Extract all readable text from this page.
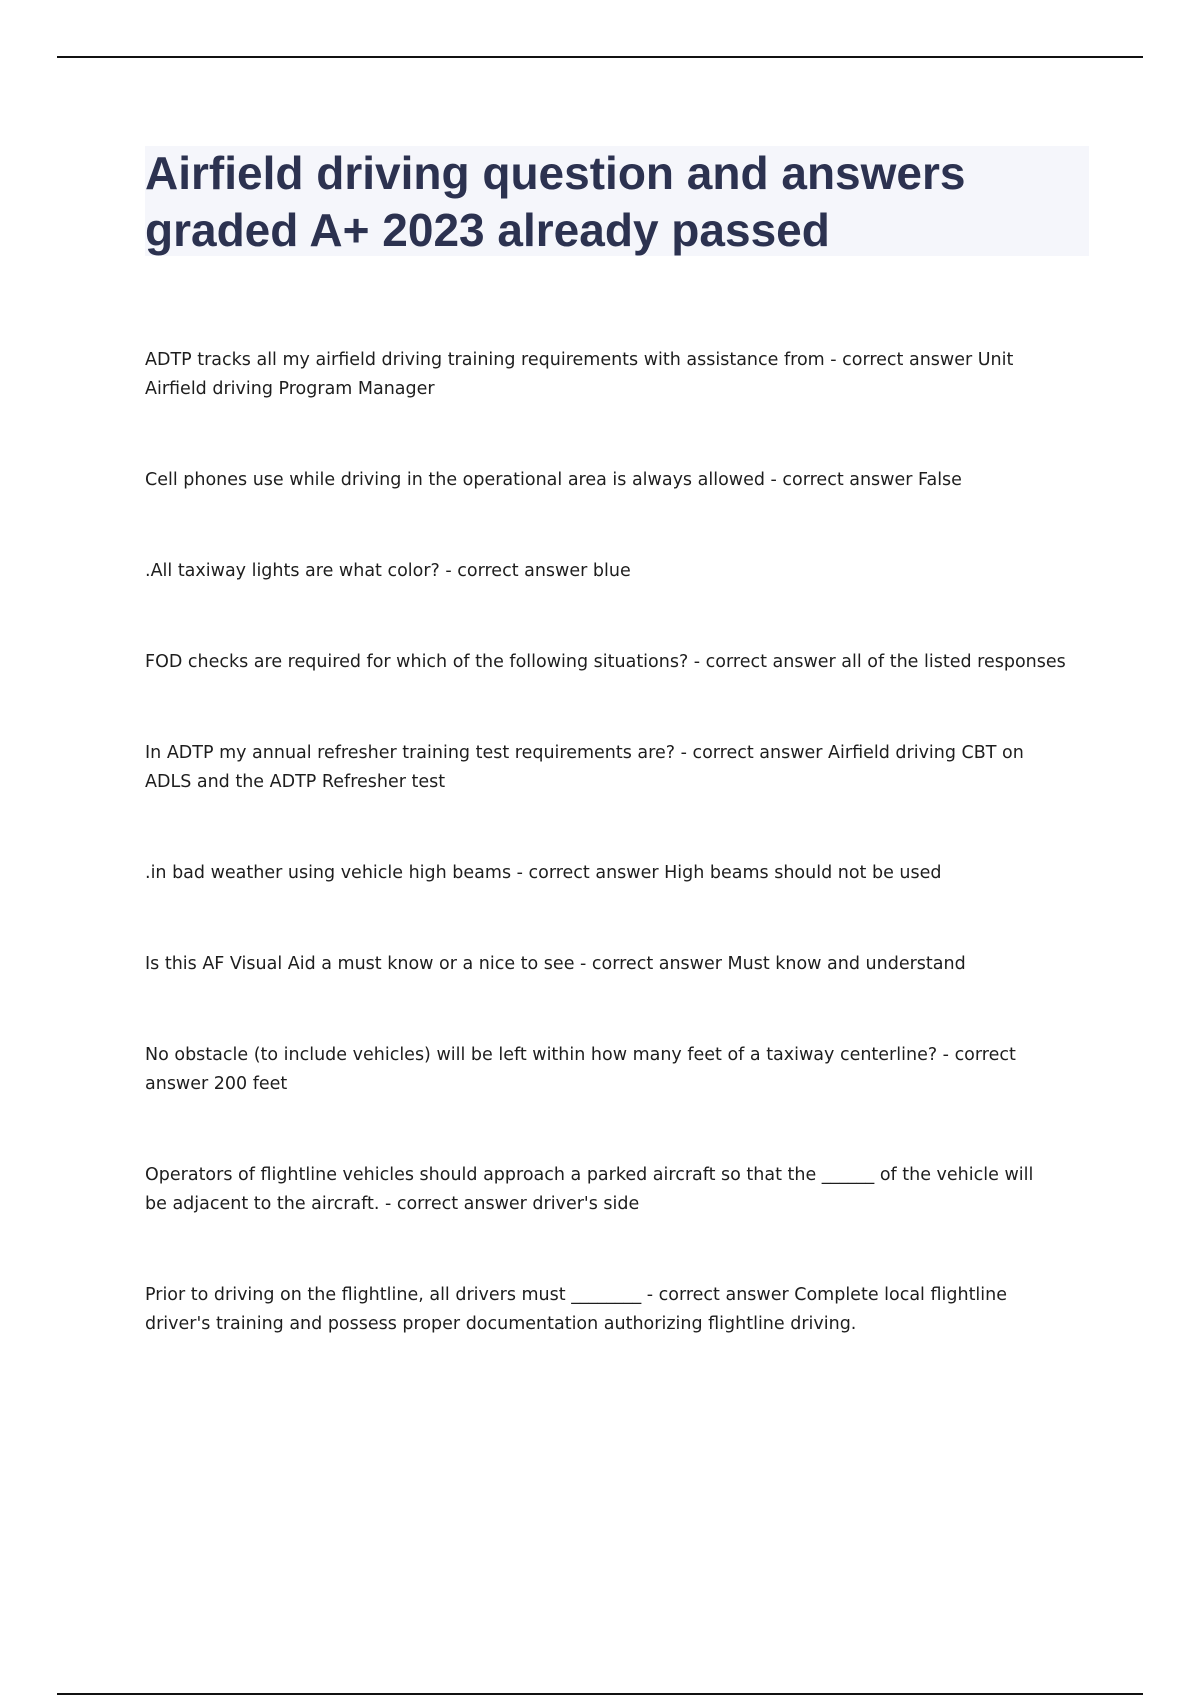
Airfield driving question and answers
graded A+ 2023 already passed
ADTP tracks all my airfield driving training requirements with assistance from - correct answer Unit
Airfield driving Program Manager
Cell phones use while driving in the operational area is always allowed - correct answer False
.All taxiway lights are what color? - correct answer blue
FOD checks are required for which of the following situations? - correct answer all of the listed responses
In ADTP my annual refresher training test requirements are? - correct answer Airfield driving CBT on
ADLS and the ADTP Refresher test
.in bad weather using vehicle high beams - correct answer High beams should not be used
Is this AF Visual Aid a must know or a nice to see - correct answer Must know and understand
No obstacle (to include vehicles) will be left within how many feet of a taxiway centerline? - correct
answer 200 feet
Operators of flightline vehicles should approach a parked aircraft so that the ______ of the vehicle will
be adjacent to the aircraft. - correct answer driver's side
Prior to driving on the flightline, all drivers must ________ - correct answer Complete local flightline
driver's training and possess proper documentation authorizing flightline driving.
